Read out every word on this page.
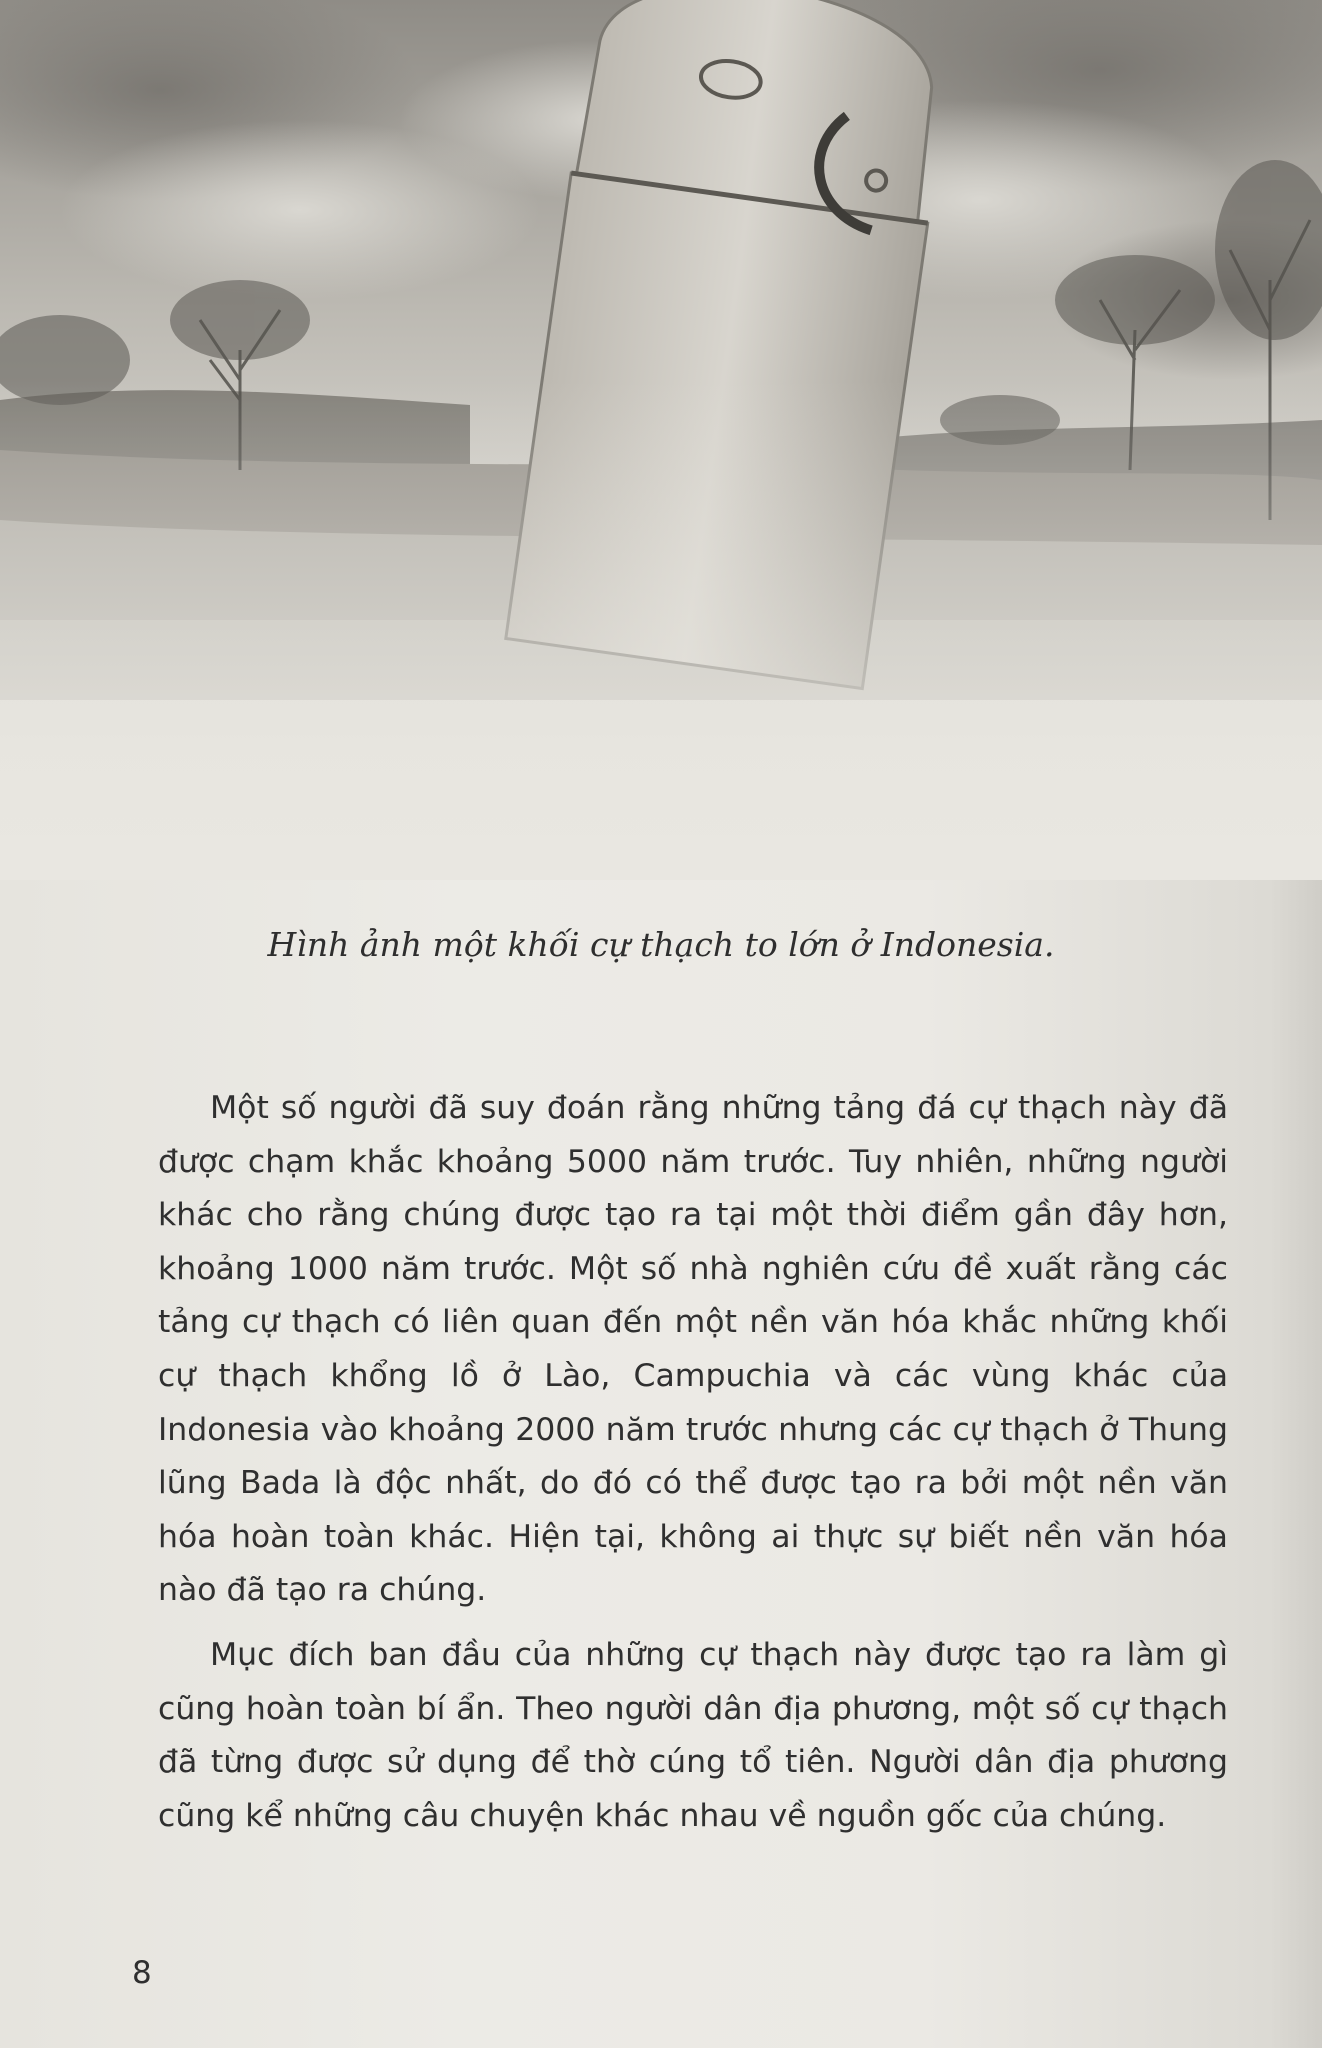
Hình ảnh một khối cự thạch to lớn ở Indonesia.

Một số người đã suy đoán rằng những tảng đá cự thạch này đã được chạm khắc khoảng 5000 năm trước. Tuy nhiên, những người khác cho rằng chúng được tạo ra tại một thời điểm gần đây hơn, khoảng 1000 năm trước. Một số nhà nghiên cứu đề xuất rằng các tảng cự thạch có liên quan đến một nền văn hóa khắc những khối cự thạch khổng lồ ở Lào, Campuchia và các vùng khác của Indonesia vào khoảng 2000 năm trước nhưng các cự thạch ở Thung lũng Bada là độc nhất, do đó có thể được tạo ra bởi một nền văn hóa hoàn toàn khác. Hiện tại, không ai thực sự biết nền văn hóa nào đã tạo ra chúng.

Mục đích ban đầu của những cự thạch này được tạo ra làm gì cũng hoàn toàn bí ẩn. Theo người dân địa phương, một số cự thạch đã từng được sử dụng để thờ cúng tổ tiên. Người dân địa phương cũng kể những câu chuyện khác nhau về nguồn gốc của chúng.

8
